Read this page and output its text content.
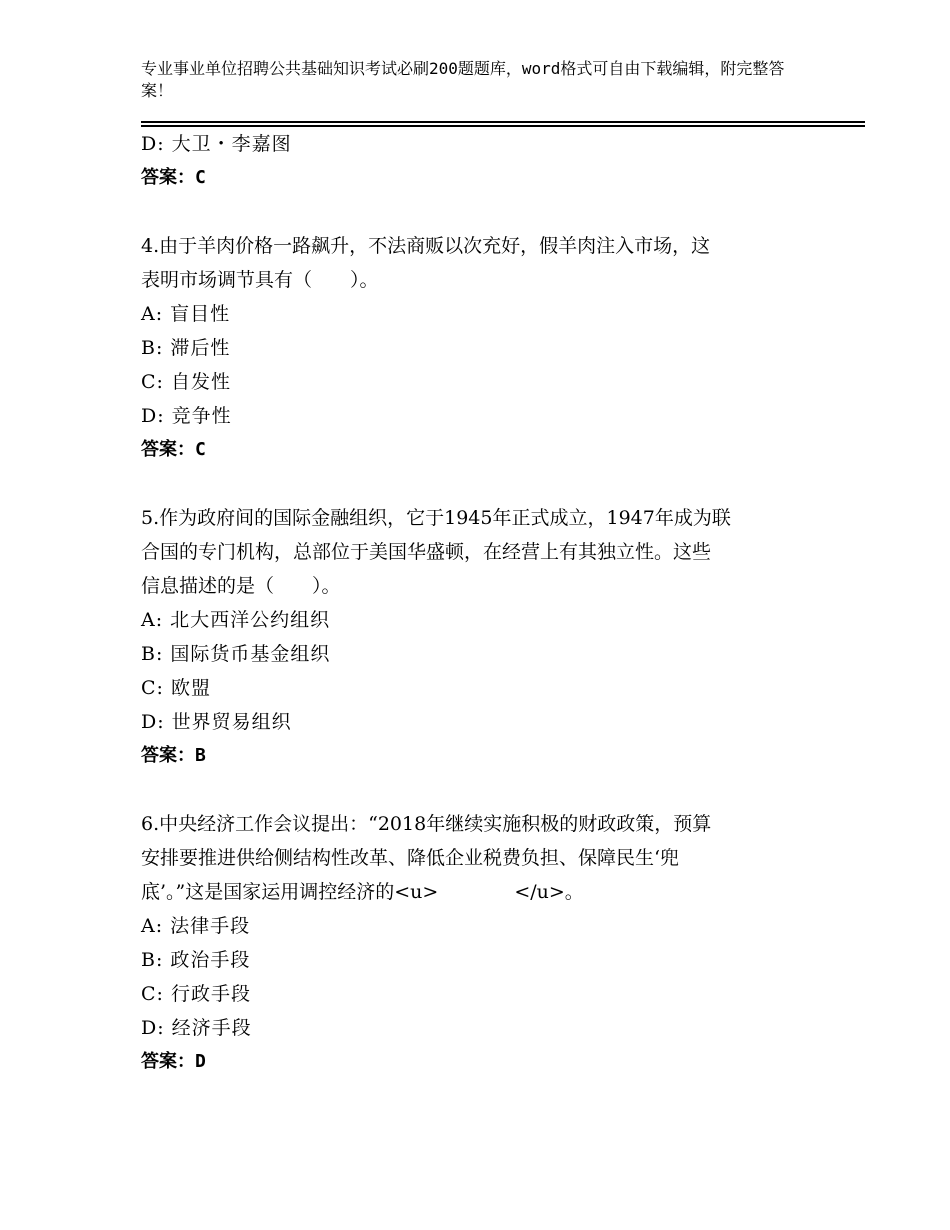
专业事业单位招聘公共基础知识考试必刷200题题库，word格式可自由下载编辑，附完整答案！
D: 大卫・李嘉图
答案：C
4.由于羊肉价格一路飙升，不法商贩以次充好，假羊肉注入市场，这
表明市场调节具有（　　）。
A: 盲目性
B: 滞后性
C: 自发性
D: 竞争性
答案：C
5.作为政府间的国际金融组织，它于1945年正式成立，1947年成为联
合国的专门机构，总部位于美国华盛顿，在经营上有其独立性。这些
信息描述的是（　　）。
A: 北大西洋公约组织
B: 国际货币基金组织
C: 欧盟
D: 世界贸易组织
答案：B
6.中央经济工作会议提出：“2018年继续实施积极的财政政策，预算
安排要推进供给侧结构性改革、降低企业税费负担、保障民生‘兜
底’。”这是国家运用调控经济的<u>　　　　</u>。
A: 法律手段
B: 政治手段
C: 行政手段
D: 经济手段
答案：D
